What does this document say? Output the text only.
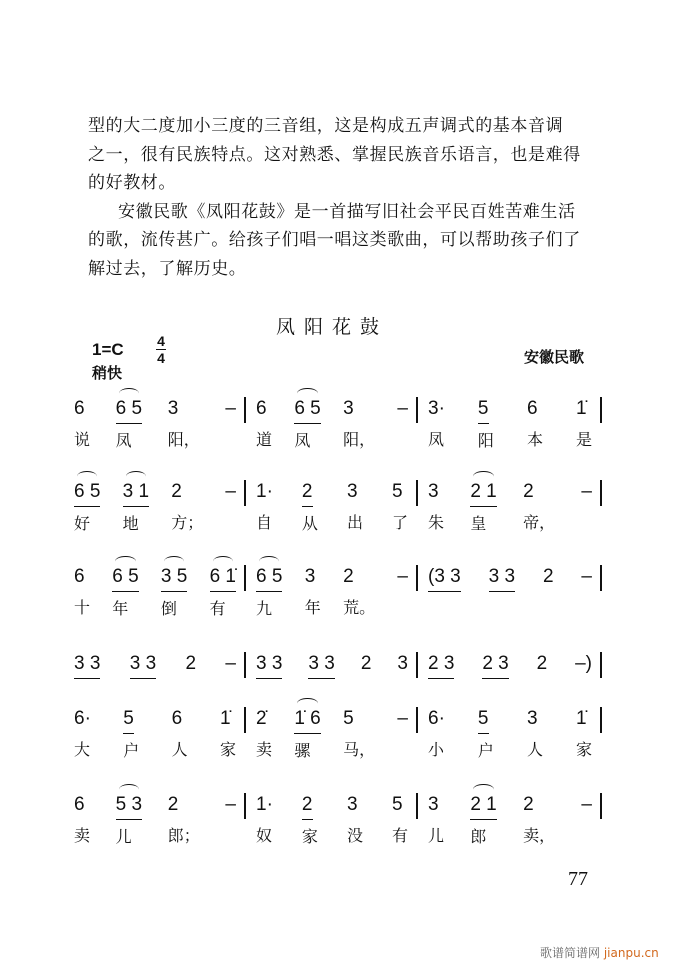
型的大二度加小三度的三音组，这是构成五声调式的基本音调
之一，很有民族特点。这对熟悉、掌握民族音乐语言，也是难得
的好教材。
安徽民歌《凤阳花鼓》是一首描写旧社会平民百姓苦难生活
的歌，流传甚广。给孩子们唱一唱这类歌曲，可以帮助孩子们了
解过去，了解历史。
凤阳花鼓
1=C 4
4
稍快
安徽民歌
6
说
6 5
凤
3
阳，
– 6
道
6 5
凤
3
阳，
– 3·
凤
5
阳
6
本
1̇
是
6 5
好
3 1
地
2
方；
– 1·
自
2
从
3
出
5
了
3
朱
2 1
皇
2
帝，
–
6
十
6 5
年
3 5
倒
6 1̇
有
6 5
九
3
年
2
荒。
– (3 3 3 3 2 –
3 3 3 3 2 – 3 3 3 3 2 3 2 3 2 3 2 –)
6·
大
5
户
6
人
1̇
家
2̇
卖
1̇ 6
骡
5
马，
– 6·
小
5
户
3
人
1̇
家
6
卖
5 3
儿
2
郎；
– 1·
奴
2
家
3
没
5
有
3
儿
2 1
郎
2
卖，
–
77
歌谱简谱网 jianpu.cn
